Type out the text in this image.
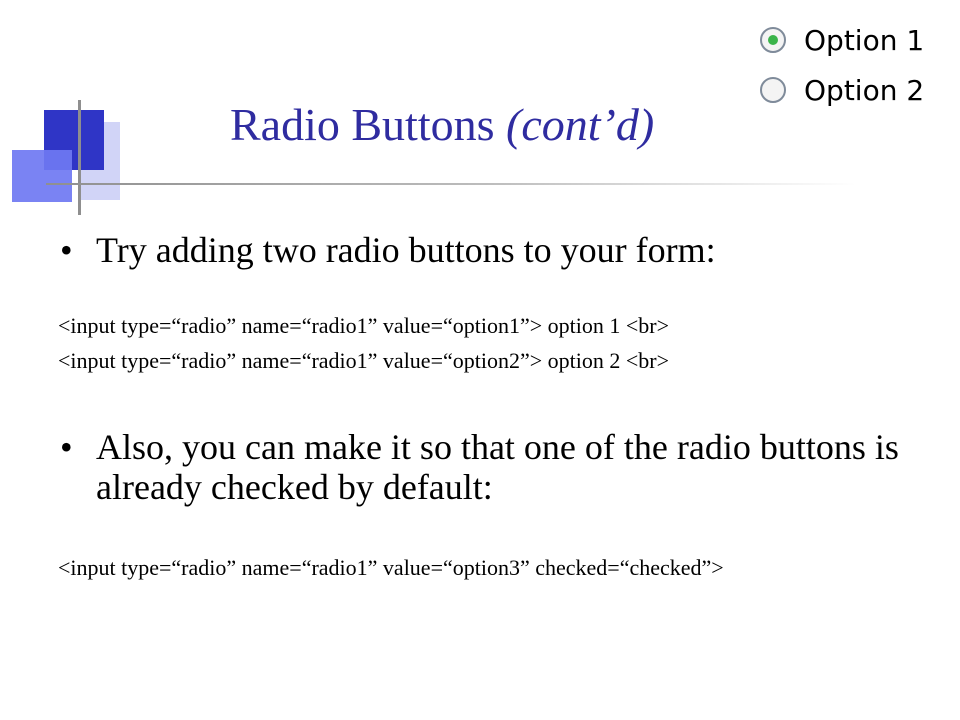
Radio Buttons (cont’d)
Option 1
Option 2
• Try adding two radio buttons to your form:
<input type=“radio” name=“radio1” value=“option1”> option 1 <br>
<input type=“radio” name=“radio1” value=“option2”> option 2 <br>
• Also, you can make it so that one of the radio buttons is already checked by default:
<input type=“radio” name=“radio1” value=“option3” checked=“checked”>
